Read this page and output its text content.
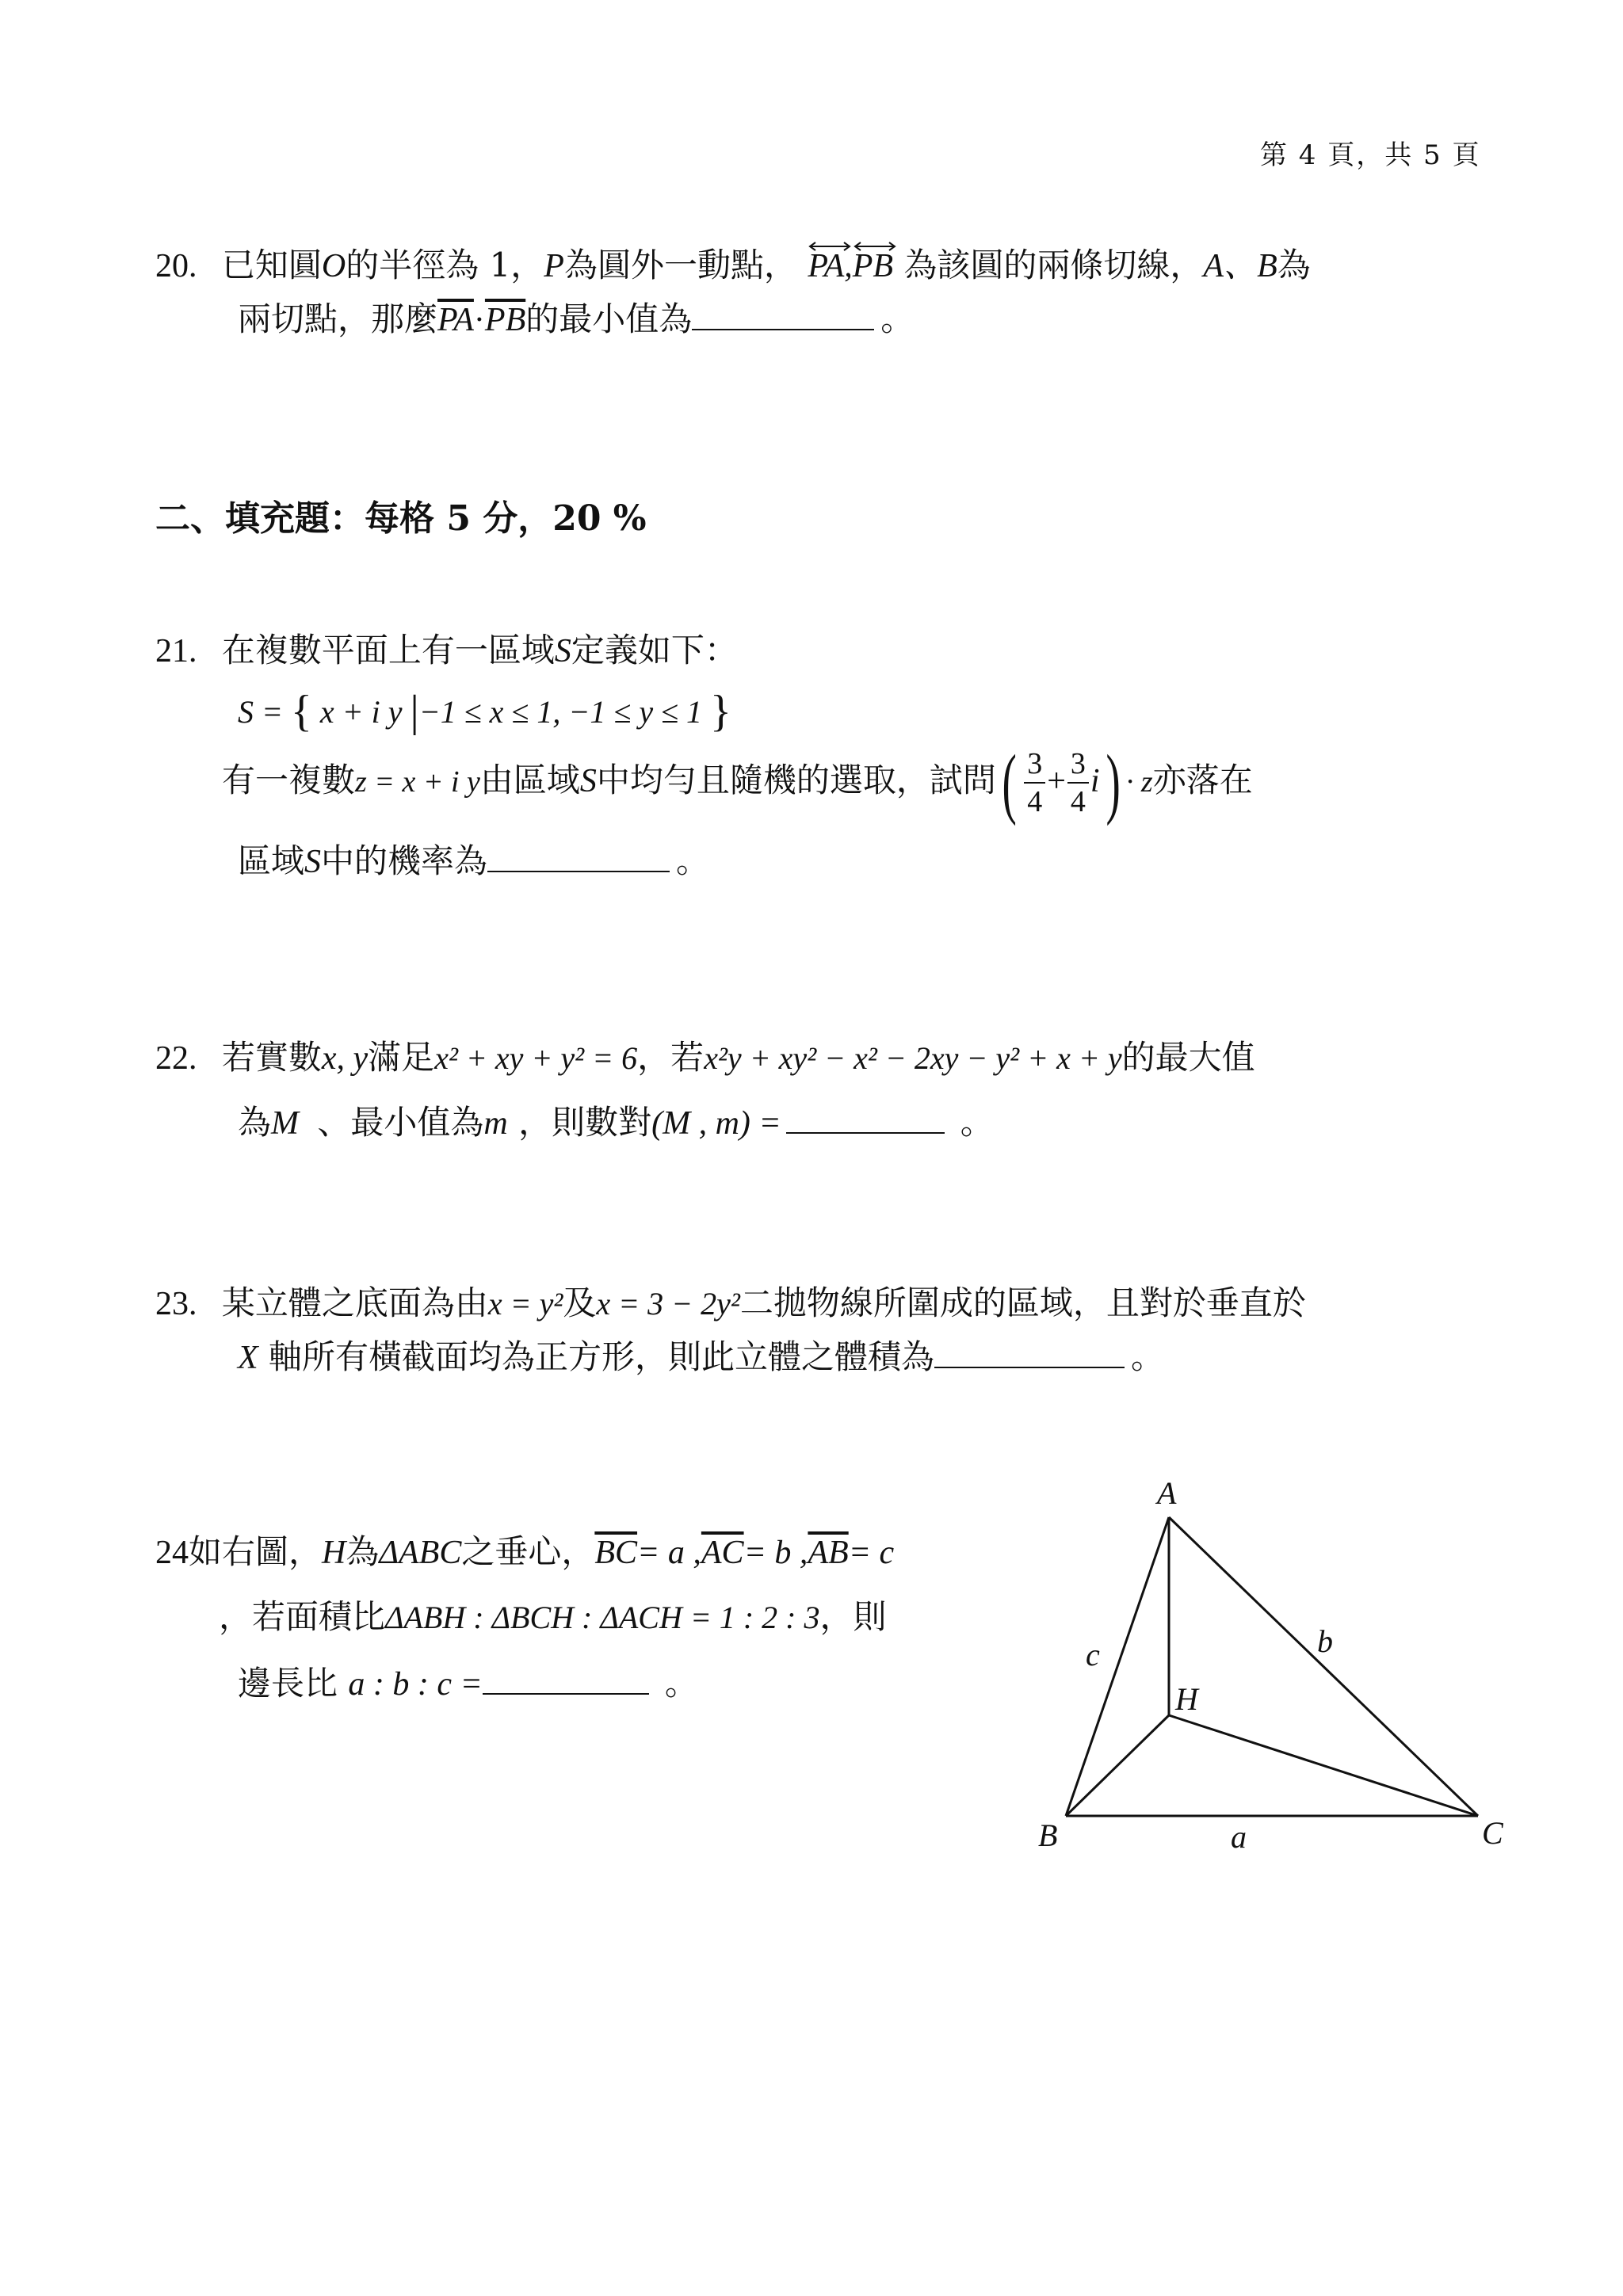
第 4 頁，共 5 頁
20. 已知圓O的半徑為 1，P為圓外一動點， PA,
PB 為該圓的兩條切線，A、B為
兩切點，那麼$\overline{PA}\cdot\overline{PB}$的最小值為	。
二、填充題：每格 5 分，20 %
21. 在複數平面上有一區域S定義如下：
S = { x + i y |−1 ≤ x ≤ 1, −1 ≤ y ≤ 1 }
有一複數z = x + i y由區域S中均勻且隨機的選取，試問( $\frac{3}{4} + \frac{3}{4} i) \cdot z$亦落在
區域S中的機率為	。
22. 若實數x, y滿足x² + xy + y² = 6，若x²y + xy² − x² − 2xy − y² + x + y的最大值
為M 、最小值為m ，則數對(M , m) =	。
23. 某立體之底面為由x = y²及x = 3 − 2y²二拋物線所圍成的區域，且對於垂直於
X 軸所有橫截面均為正方形，則此立體之體積為	。
24如右圖，H為ΔABC之垂心，$\overline{BC}= a$ $,\overline{AC}= b$ $,\overline{AB}= c$
，若面積比ΔABH : ΔBCH : ΔACH = 1 : 2 : 3，則
邊長比 a : b : c =	。
A
B	C
H
a
b
c
